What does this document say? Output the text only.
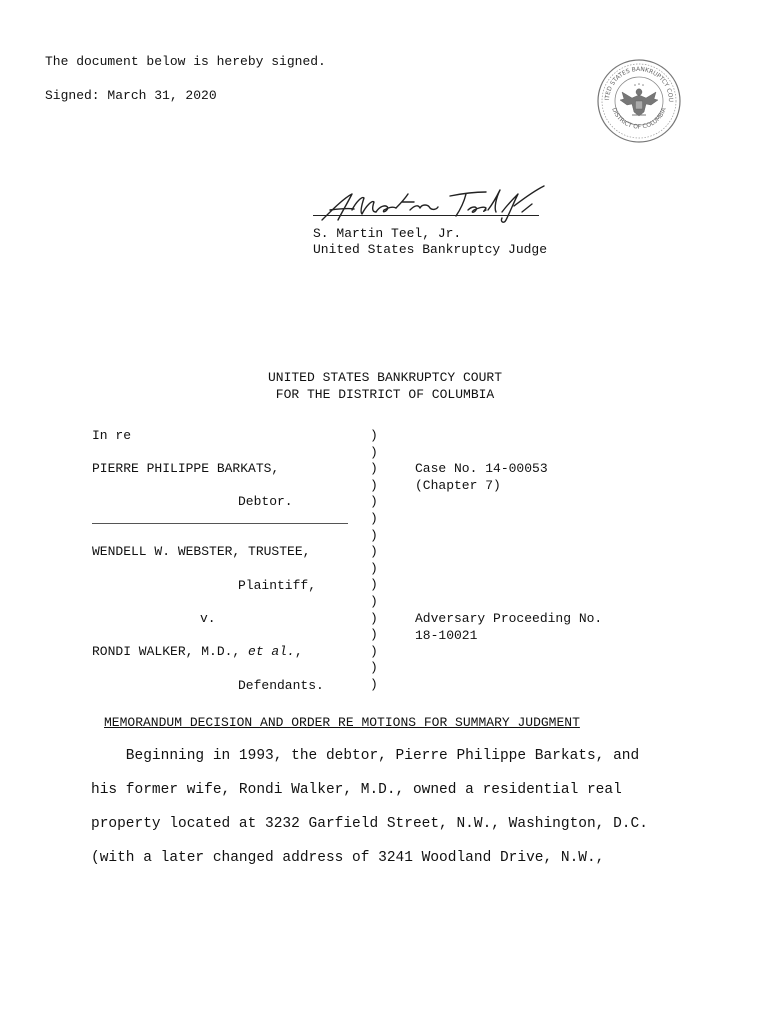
The document below is hereby signed.
Signed: March 31, 2020	ITED STATES BANKRUPTCY COU
DISTRICT OF COLUMBIA
S. Martin Teel, Jr.
United States Bankruptcy Judge
UNITED STATES BANKRUPTCY COURT
FOR THE DISTRICT OF COLUMBIA
In re
PIERRE PHILIPPE BARKATS,
Debtor.
WENDELL W. WEBSTER, TRUSTEE,
Plaintiff,
v.
RONDI WALKER, M.D., et al.,
Defendants.
)
)
)
)
)
)
)
)
)
)
)
)
)
)
)
)
Case No. 14-00053
(Chapter 7)
Adversary Proceeding No.
18-10021
MEMORANDUM DECISION AND ORDER RE MOTIONS FOR SUMMARY JUDGMENT
Beginning in 1993, the debtor, Pierre Philippe Barkats, and
his former wife, Rondi Walker, M.D., owned a residential real
property located at 3232 Garfield Street, N.W., Washington, D.C.
(with a later changed address of 3241 Woodland Drive, N.W.,
